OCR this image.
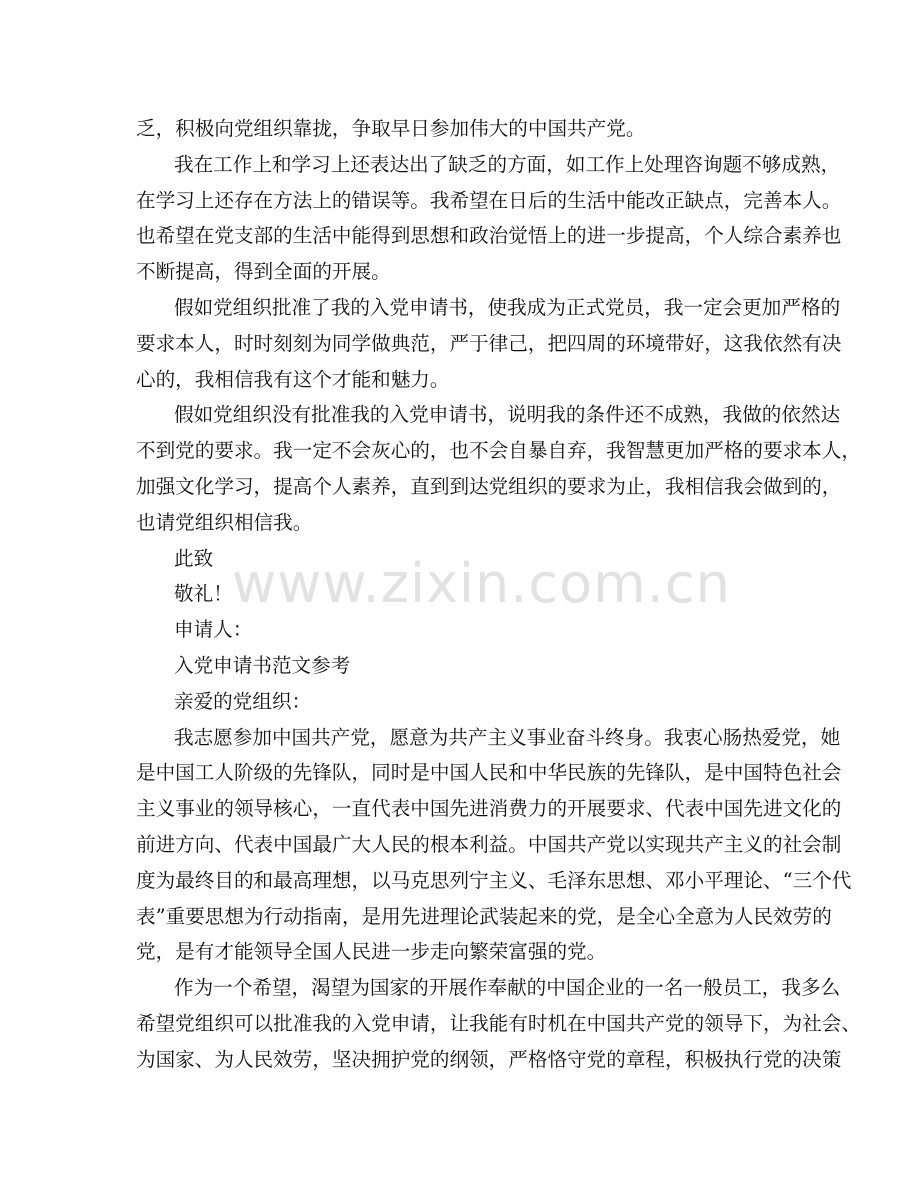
乏，积极向党组织靠拢，争取早日参加伟大的中国共产党。
我在工作上和学习上还表达出了缺乏的方面，如工作上处理咨询题不够成熟，
在学习上还存在方法上的错误等。我希望在日后的生活中能改正缺点，完善本人。
也希望在党支部的生活中能得到思想和政治觉悟上的进一步提高，个人综合素养也
不断提高，得到全面的开展。
假如党组织批准了我的入党申请书，使我成为正式党员，我一定会更加严格的
要求本人，时时刻刻为同学做典范，严于律己，把四周的环境带好，这我依然有决
心的，我相信我有这个才能和魅力。
假如党组织没有批准我的入党申请书，说明我的条件还不成熟，我做的依然达
不到党的要求。我一定不会灰心的，也不会自暴自弃，我智慧更加严格的要求本人，
加强文化学习，提高个人素养，直到到达党组织的要求为止，我相信我会做到的，
也请党组织相信我。
此致
敬礼！
申请人：
入党申请书范文参考
亲爱的党组织：
我志愿参加中国共产党，愿意为共产主义事业奋斗终身。我衷心肠热爱党，她
是中国工人阶级的先锋队，同时是中国人民和中华民族的先锋队，是中国特色社会
主义事业的领导核心，一直代表中国先进消费力的开展要求、代表中国先进文化的
前进方向、代表中国最广大人民的根本利益。中国共产党以实现共产主义的社会制
度为最终目的和最高理想，以马克思列宁主义、毛泽东思想、邓小平理论、“三个代
表”重要思想为行动指南，是用先进理论武装起来的党，是全心全意为人民效劳的
党，是有才能领导全国人民进一步走向繁荣富强的党。
作为一个希望，渴望为国家的开展作奉献的中国企业的一名一般员工，我多么
希望党组织可以批准我的入党申请，让我能有时机在中国共产党的领导下，为社会、
为国家、为人民效劳，坚决拥护党的纲领，严格恪守党的章程，积极执行党的决策
www.zixin.com.cn
